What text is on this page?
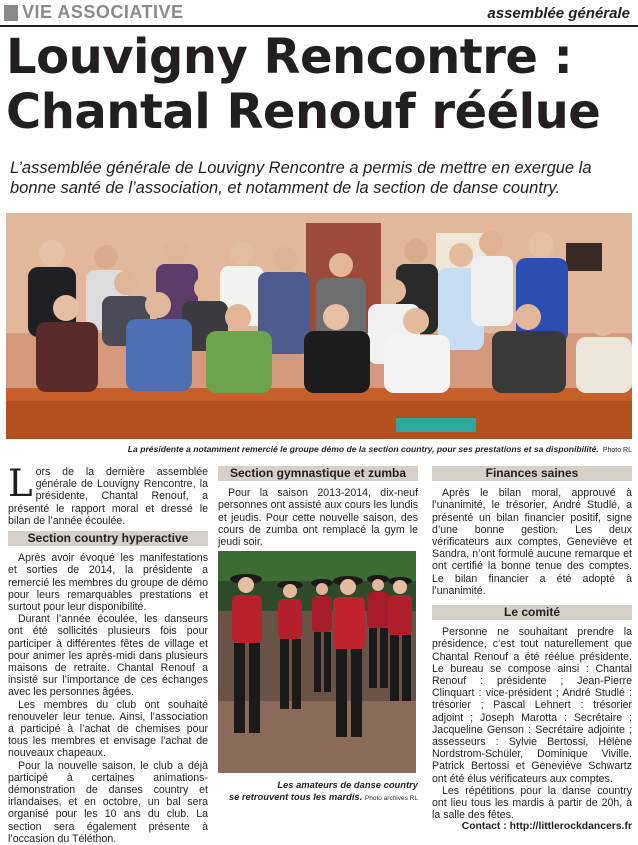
VIE ASSOCIATIVE	assemblée générale
Louvigny Rencontre :
Chantal Renouf réélue
L’assemblée générale de Louvigny Rencontre a permis de mettre en exergue la bonne santé de l’association, et notamment de la section de danse country.
La présidente a notamment remercié le groupe démo de la section country, pour ses prestations et sa disponibilité. Photo RL

Lors de la dernière assemblée générale de Louvigny Rencontre, la présidente, Chantal Renouf, a présenté le rapport moral et dressé le bilan de l’année écoulée.

Section country hyperactive

Après avoir évoqué les manifestations et sorties de 2014, la présidente a remercié les membres du groupe de démo pour leurs remarquables prestations et surtout pour leur disponibilité.

Durant l’année écoulée, les danseurs ont été sollicités plusieurs fois pour participer à différentes fêtes de village et pour animer les après-midi dans plusieurs maisons de retraite. Chantal Renouf a insisté sur l’importance de ces échanges avec les personnes âgées.

Les membres du club ont souhaité renouveler leur tenue. Ainsi, l’association a participé à l’achat de chemises pour tous les membres et envisage l’achat de nouveaux chapeaux.

Pour la nouvelle saison, le club a déjà participé à certaines animations-démonstration de danses country et irlandaises, et en octobre, un bal sera organisé pour les 10 ans du club. La section sera également présente à l’occasion du Téléthon.

Section gymnastique et zumba

Pour la saison 2013-2014, dix-neuf personnes ont assisté aux cours les lundis et jeudis. Pour cette nouvelle saison, des cours de zumba ont remplacé la gym le jeudi soir.

Les amateurs de danse country
se retrouvent tous les mardis. Photo archives RL
Finances saines

Après le bilan moral, approuvé à l’unanimité, le trésorier, André Studlé, a présenté un bilan financier positif, signe d’une bonne gestion. Les deux vérificateurs aux comptes, Geneviève et Sandra, n’ont formulé aucune remarque et ont certifié la bonne tenue des comptes. Le bilan financier a été adopté à l’unanimité.

Le comité

Personne ne souhaitant prendre la présidence, c’est tout naturellement que Chantal Renouf a été réélue présidente. Le bureau se compose ainsi : Chantal Renouf : présidente ; Jean-Pierre Clinquart : vice-président ; André Studlé : trésorier ; Pascal Lehnert : trésorier adjoint ; Joseph Marotta : Secrétaire ; Jacqueline Genson : Secrétaire adjointe ; assesseurs : Sylvie Bertossi, Hélène Nordstrom-Schüler, Dominique Viville. Patrick Bertossi et Geneviève Schwartz ont été élus vérificateurs aux comptes.

Les répétitions pour la danse country ont lieu tous les mardis à partir de 20h, à la salle des fêtes.

Contact : http://littlerockdancers.fr
